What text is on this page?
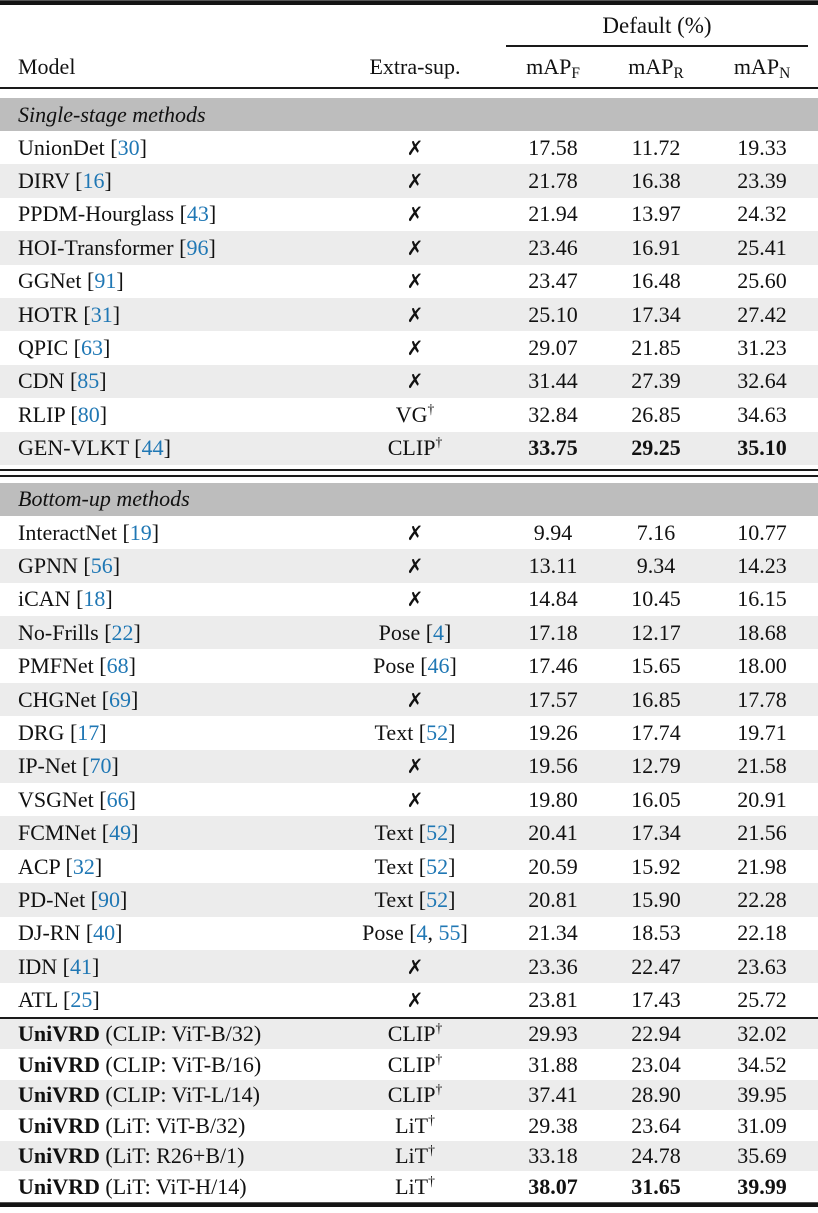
Default (%)
Model	Extra-sup.	mAP$_F$	mAP$_R$	mAP$_N$
Single-stage methods
UnionDet [30]	✗	17.58	11.72	19.33
DIRV [16]	✗	21.78	16.38	23.39
PPDM-Hourglass [43]	✗	21.94	13.97	24.32
HOI-Transformer [96]	✗	23.46	16.91	25.41
GGNet [91]	✗	23.47	16.48	25.60
HOTR [31]	✗	25.10	17.34	27.42
QPIC [63]	✗	29.07	21.85	31.23
CDN [85]	✗	31.44	27.39	32.64
RLIP [80]	VG†	32.84	26.85	34.63
GEN-VLKT [44]	CLIP†	33.75	29.25	35.10
Bottom-up methods
InteractNet [19]	✗	9.94	7.16	10.77
GPNN [56]	✗	13.11	9.34	14.23
iCAN [18]	✗	14.84	10.45	16.15
No-Frills [22]	Pose [4]	17.18	12.17	18.68
PMFNet [68]	Pose [46]	17.46	15.65	18.00
CHGNet [69]	✗	17.57	16.85	17.78
DRG [17]	Text [52]	19.26	17.74	19.71
IP-Net [70]	✗	19.56	12.79	21.58
VSGNet [66]	✗	19.80	16.05	20.91
FCMNet [49]	Text [52]	20.41	17.34	21.56
ACP [32]	Text [52]	20.59	15.92	21.98
PD-Net [90]	Text [52]	20.81	15.90	22.28
DJ-RN [40]	Pose [4, 55]	21.34	18.53	22.18
IDN [41]	✗	23.36	22.47	23.63
ATL [25]	✗	23.81	17.43	25.72
UniVRD (CLIP: ViT-B/32)	CLIP†	29.93	22.94	32.02
UniVRD (CLIP: ViT-B/16)	CLIP†	31.88	23.04	34.52
UniVRD (CLIP: ViT-L/14)	CLIP†	37.41	28.90	39.95
UniVRD (LiT: ViT-B/32)	LiT†	29.38	23.64	31.09
UniVRD (LiT: R26+B/1)	LiT†	33.18	24.78	35.69
UniVRD (LiT: ViT-H/14)	LiT†	38.07	31.65	39.99
